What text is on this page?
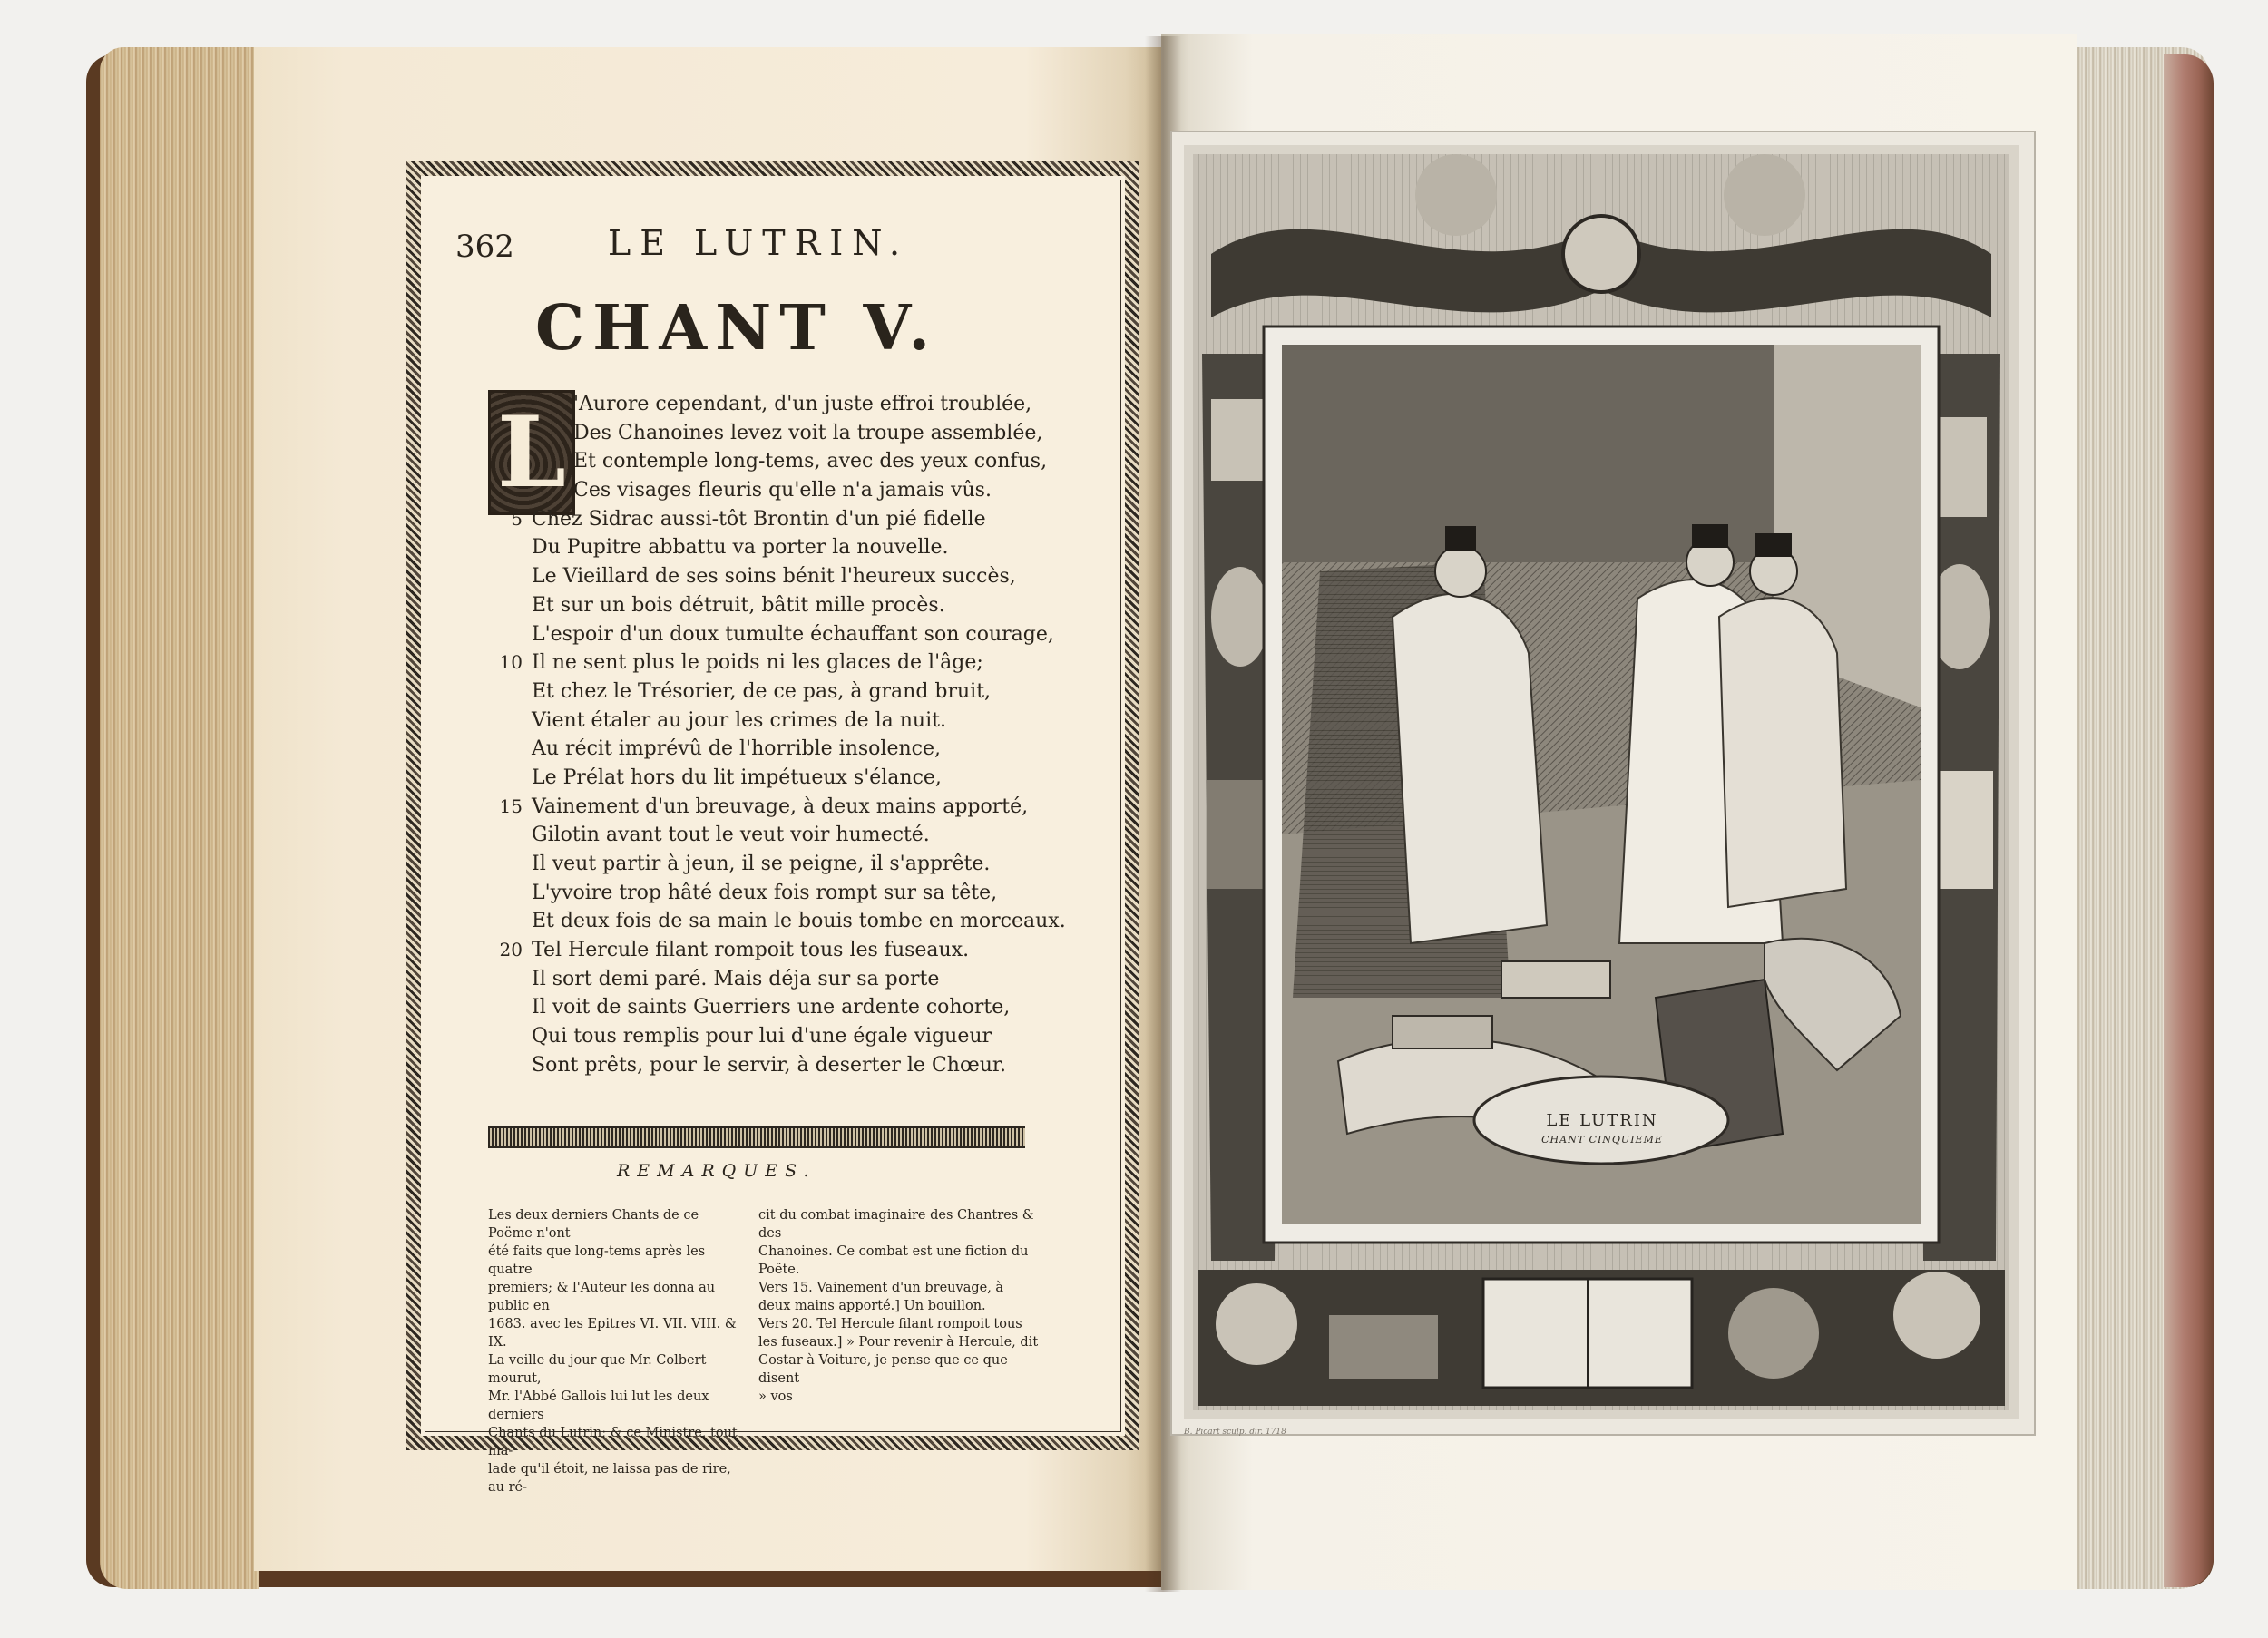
362	LE LUTRIN.
CHANT V.
L 'Aurore cependant, d'un juste effroi troublée,
Des Chanoines levez voit la troupe assemblée,
Et contemple long-tems, avec des yeux confus,
Ces visages fleuris qu'elle n'a jamais vûs.
5 Chez Sidrac aussi-tôt Brontin d'un pié fidelle
Du Pupitre abbattu va porter la nouvelle.
Le Vieillard de ses soins bénit l'heureux succès,
Et sur un bois détruit, bâtit mille procès.
L'espoir d'un doux tumulte échauffant son courage,
10 Il ne sent plus le poids ni les glaces de l'âge;
Et chez le Trésorier, de ce pas, à grand bruit,
Vient étaler au jour les crimes de la nuit.
Au récit imprévû de l'horrible insolence,
Le Prélat hors du lit impétueux s'élance,
15 Vainement d'un breuvage, à deux mains apporté,
Gilotin avant tout le veut voir humecté.
Il veut partir à jeun, il se peigne, il s'apprête.
L'yvoire trop hâté deux fois rompt sur sa tête,
Et deux fois de sa main le bouis tombe en morceaux.
20 Tel Hercule filant rompoit tous les fuseaux.
Il sort demi paré. Mais déja sur sa porte
Il voit de saints Guerriers une ardente cohorte,
Qui tous remplis pour lui d'une égale vigueur
Sont prêts, pour le servir, à deserter le Chœur.
REMARQUES.
Les deux derniers Chants de ce Poëme n'ont
été faits que long-tems après les quatre
premiers; & l'Auteur les donna au public en
1683. avec les Epitres VI. VII. VIII. & IX.
La veille du jour que Mr. Colbert mourut,
Mr. l'Abbé Gallois lui lut les deux derniers
Chants du Lutrin; & ce Ministre, tout ma-
lade qu'il étoit, ne laissa pas de rire, au ré-
cit du combat imaginaire des Chantres & des
Chanoines. Ce combat est une fiction du
Poëte.
Vers 15. Vainement d'un breuvage, à
deux mains apporté.] Un bouillon.
Vers 20. Tel Hercule filant rompoit tous
les fuseaux.] » Pour revenir à Hercule, dit
Costar à Voiture, je pense que ce que disent
» vos
LE LUTRIN
CHANT CINQUIEME
B. Picart sculp. dir. 1718
